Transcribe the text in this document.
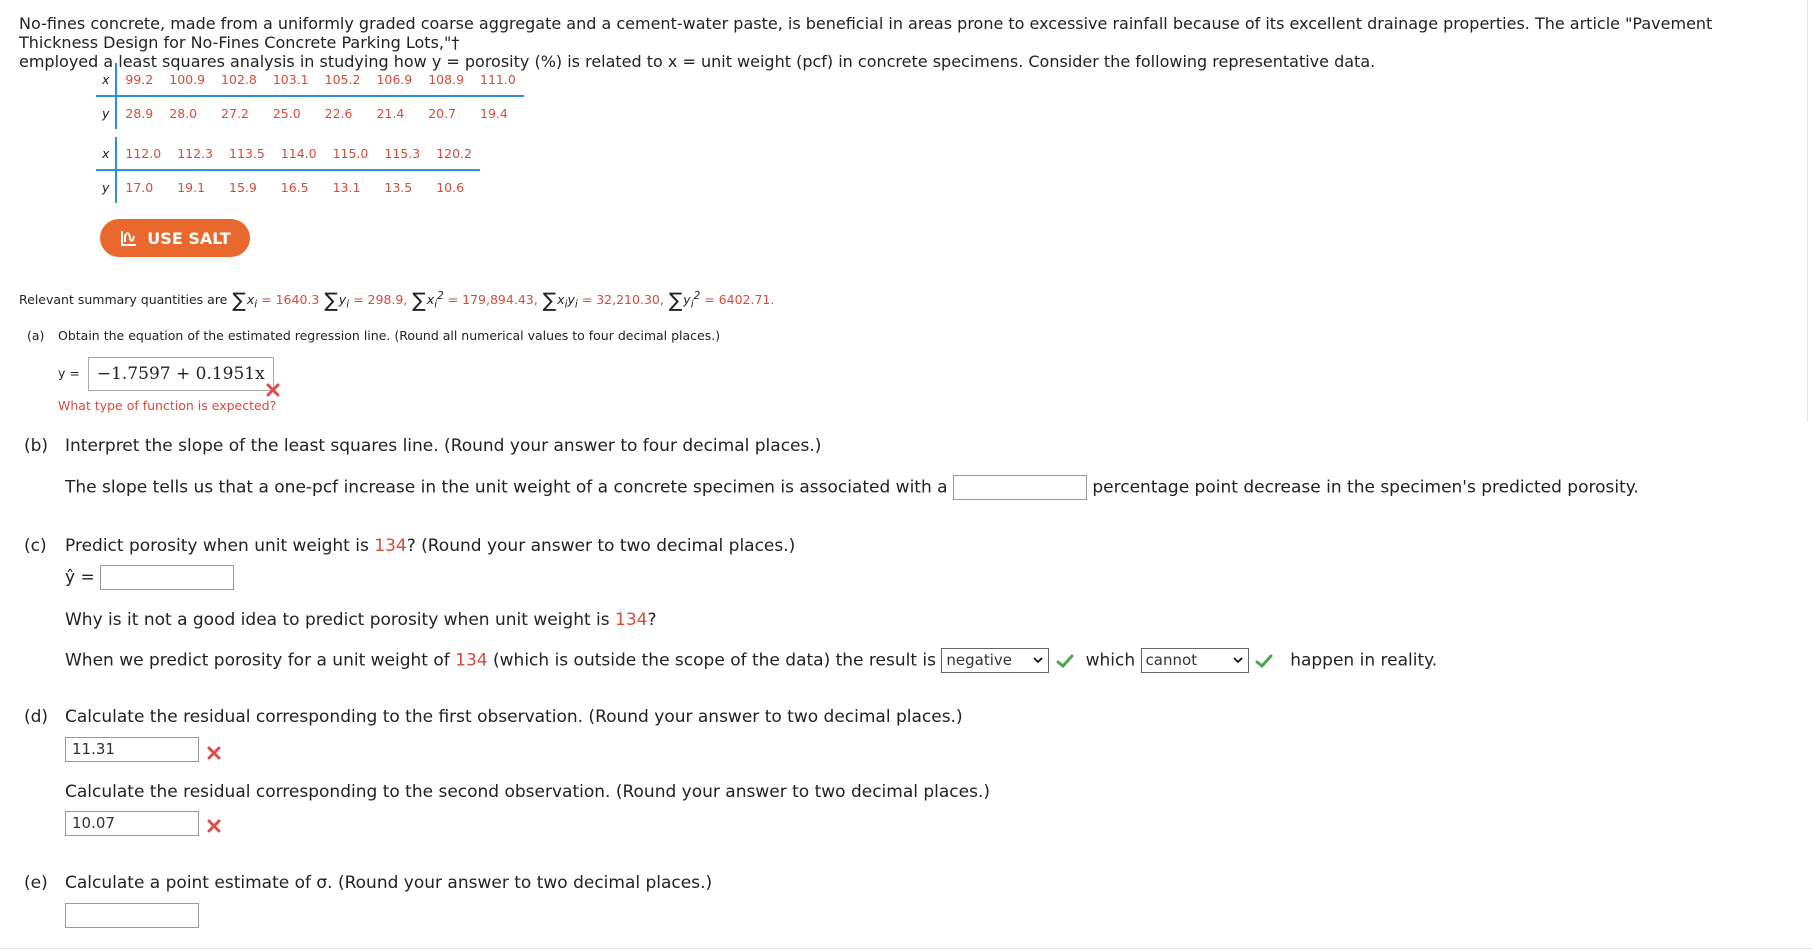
No-fines concrete, made from a uniformly graded coarse aggregate and a cement-water paste, is beneficial in areas prone to excessive rainfall because of its excellent drainage properties. The article "Pavement Thickness Design for No-Fines Concrete Parking Lots,"†
employed a least squares analysis in studying how y = porosity (%) is related to x = unit weight (pcf) in concrete specimens. Consider the following representative data.
x	99.2	100.9	102.8	103.1	105.2	106.9	108.9	111.0
y	28.9	28.0	27.2	25.0	22.6	21.4	20.7	19.4
x	112.0	112.3	113.5	114.0	115.0	115.3	120.2
y	17.0	19.1	15.9	16.5	13.1	13.5	10.6
USE SALT
Relevant summary quantities are $\sum x_i = 1640.3$ $\sum y_i = 298.9$, $\sum x_i^2 = 179,894.43$, $\sum x_iy_i = 32,210.30$, $\sum y_i^2 = 6402.71$.
(a) Obtain the equation of the estimated regression line. (Round all numerical values to four decimal places.)
y = −1.7597 + 0.1951x
What type of function is expected?
(b) Interpret the slope of the least squares line. (Round your answer to four decimal places.)
The slope tells us that a one-pcf increase in the unit weight of a concrete specimen is associated with a	percentage point decrease in the specimen's predicted porosity.
(c) Predict porosity when unit weight is 134? (Round your answer to two decimal places.)
ŷ =
Why is it not a good idea to predict porosity when unit weight is 134?
When we predict porosity for a unit weight of 134 (which is outside the scope of the data) the result is negative	which cannot	happen in reality.
(d) Calculate the residual corresponding to the first observation. (Round your answer to two decimal places.)
11.31
Calculate the residual corresponding to the second observation. (Round your answer to two decimal places.)
10.07
(e) Calculate a point estimate of σ. (Round your answer to two decimal places.)
